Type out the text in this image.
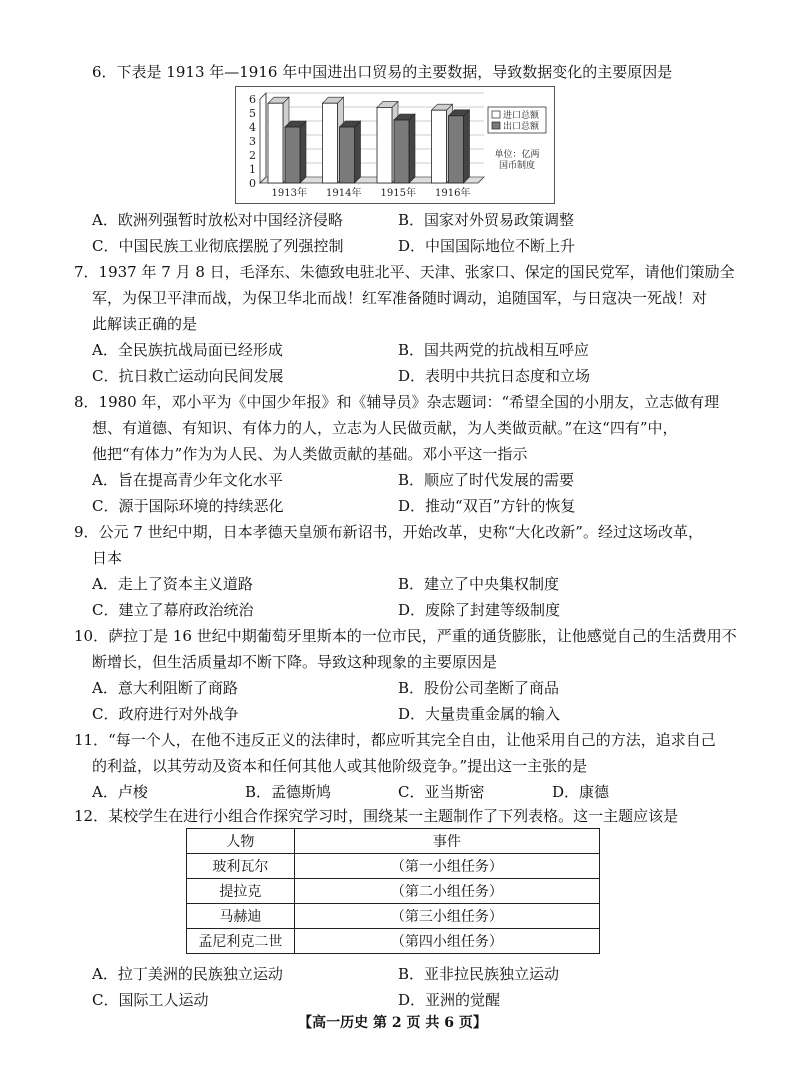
6．下表是 1913 年—1916 年中国进出口贸易的主要数据，导致数据变化的主要原因是
0
1
2
3
4
5
6
1913年 1914年 1915年 1916年
进口总额
出口总额
单位：亿两
国币制度
A．欧洲列强暂时放松对中国经济侵略	B．国家对外贸易政策调整
C．中国民族工业彻底摆脱了列强控制	D．中国国际地位不断上升
7．1937 年 7 月 8 日，毛泽东、朱德致电驻北平、天津、张家口、保定的国民党军，请他们策励全
军，为保卫平津而战，为保卫华北而战！红军准备随时调动，追随国军，与日寇决一死战！对
此解读正确的是
A．全民族抗战局面已经形成	B．国共两党的抗战相互呼应
C．抗日救亡运动向民间发展	D．表明中共抗日态度和立场
8．1980 年，邓小平为《中国少年报》和《辅导员》杂志题词：“希望全国的小朋友，立志做有理
想、有道德、有知识、有体力的人，立志为人民做贡献，为人类做贡献。”在这“四有”中，
他把“有体力”作为为人民、为人类做贡献的基础。邓小平这一指示
A．旨在提高青少年文化水平	B．顺应了时代发展的需要
C．源于国际环境的持续恶化	D．推动“双百”方针的恢复
9．公元 7 世纪中期，日本孝德天皇颁布新诏书，开始改革，史称“大化改新”。经过这场改革，
日本
A．走上了资本主义道路	B．建立了中央集权制度
C．建立了幕府政治统治	D．废除了封建等级制度
10．萨拉丁是 16 世纪中期葡萄牙里斯本的一位市民，严重的通货膨胀，让他感觉自己的生活费用不
断增长，但生活质量却不断下降。导致这种现象的主要原因是
A．意大利阻断了商路	B．股份公司垄断了商品
C．政府进行对外战争	D．大量贵重金属的输入
11．“每一个人，在他不违反正义的法律时，都应听其完全自由，让他采用自己的方法，追求自己
的利益，以其劳动及资本和任何其他人或其他阶级竞争。”提出这一主张的是
A．卢梭	B．孟德斯鸠	C．亚当斯密	D．康德
12．某校学生在进行小组合作探究学习时，围绕某一主题制作了下列表格。这一主题应该是
人物	事件
玻利瓦尔	（第一小组任务）
提拉克	（第二小组任务）
马赫迪	（第三小组任务）
孟尼利克二世	（第四小组任务）
A．拉丁美洲的民族独立运动	B．亚非拉民族独立运动
C．国际工人运动	D．亚洲的觉醒
【高一历史 第 2 页 共 6 页】
